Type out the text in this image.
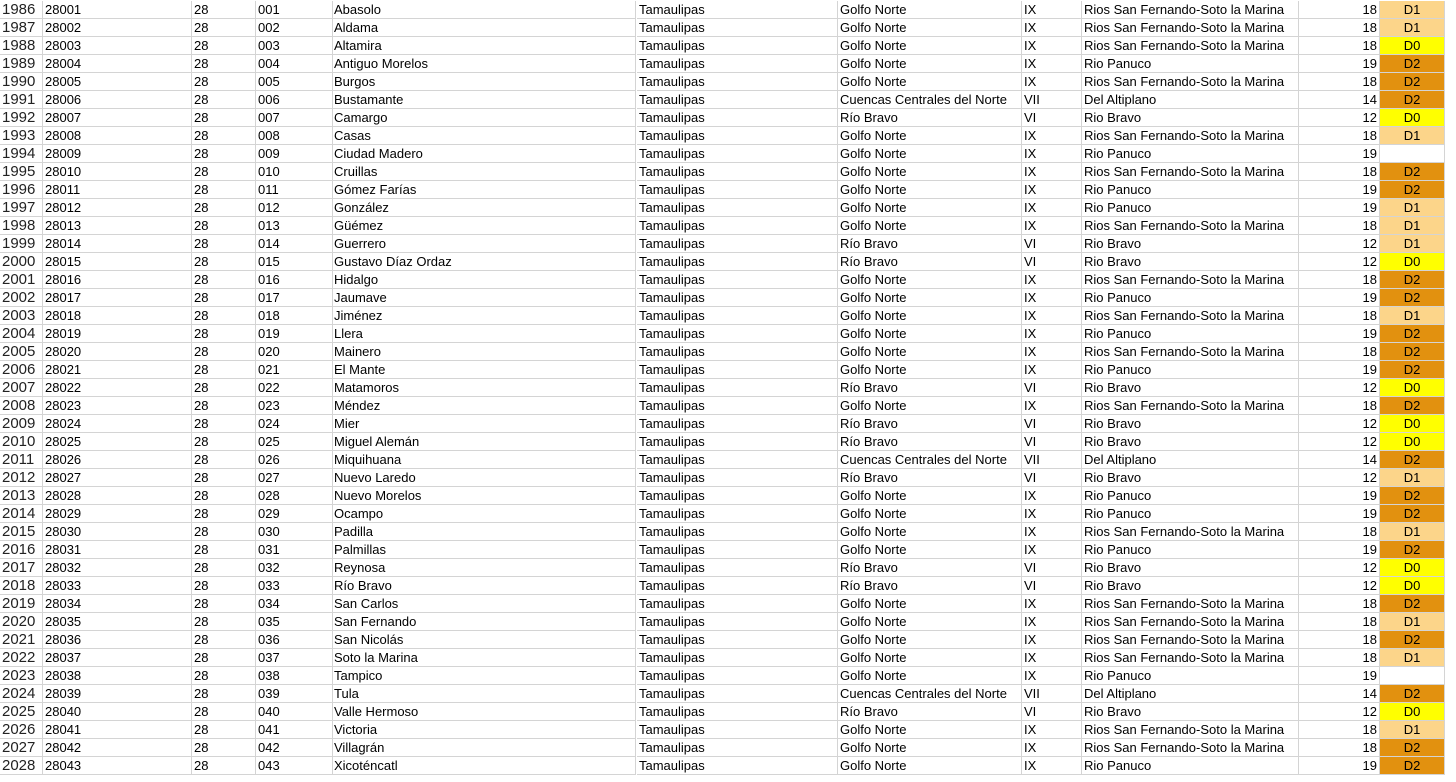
1986 28001	28	001	Abasolo	Tamaulipas	Golfo Norte	IX	Rios San Fernando-Soto la Marina	18	D1
1987 28002	28	002	Aldama	Tamaulipas	Golfo Norte	IX	Rios San Fernando-Soto la Marina	18	D1
1988 28003	28	003	Altamira	Tamaulipas	Golfo Norte	IX	Rios San Fernando-Soto la Marina	18	D0
1989 28004	28	004	Antiguo Morelos	Tamaulipas	Golfo Norte	IX	Rio Panuco	19	D2
1990 28005	28	005	Burgos	Tamaulipas	Golfo Norte	IX	Rios San Fernando-Soto la Marina	18	D2
1991 28006	28	006	Bustamante	Tamaulipas	Cuencas Centrales del Norte	VII	Del Altiplano	14	D2
1992 28007	28	007	Camargo	Tamaulipas	Río Bravo	VI	Rio Bravo	12	D0
1993 28008	28	008	Casas	Tamaulipas	Golfo Norte	IX	Rios San Fernando-Soto la Marina	18	D1
1994 28009	28	009	Ciudad Madero	Tamaulipas	Golfo Norte	IX	Rio Panuco	19
1995 28010	28	010	Cruillas	Tamaulipas	Golfo Norte	IX	Rios San Fernando-Soto la Marina	18	D2
1996 28011	28	011	Gómez Farías	Tamaulipas	Golfo Norte	IX	Rio Panuco	19	D2
1997 28012	28	012	González	Tamaulipas	Golfo Norte	IX	Rio Panuco	19	D1
1998 28013	28	013	Güémez	Tamaulipas	Golfo Norte	IX	Rios San Fernando-Soto la Marina	18	D1
1999 28014	28	014	Guerrero	Tamaulipas	Río Bravo	VI	Rio Bravo	12	D1
2000 28015	28	015	Gustavo Díaz Ordaz	Tamaulipas	Río Bravo	VI	Rio Bravo	12	D0
2001 28016	28	016	Hidalgo	Tamaulipas	Golfo Norte	IX	Rios San Fernando-Soto la Marina	18	D2
2002 28017	28	017	Jaumave	Tamaulipas	Golfo Norte	IX	Rio Panuco	19	D2
2003 28018	28	018	Jiménez	Tamaulipas	Golfo Norte	IX	Rios San Fernando-Soto la Marina	18	D1
2004 28019	28	019	Llera	Tamaulipas	Golfo Norte	IX	Rio Panuco	19	D2
2005 28020	28	020	Mainero	Tamaulipas	Golfo Norte	IX	Rios San Fernando-Soto la Marina	18	D2
2006 28021	28	021	El Mante	Tamaulipas	Golfo Norte	IX	Rio Panuco	19	D2
2007 28022	28	022	Matamoros	Tamaulipas	Río Bravo	VI	Rio Bravo	12	D0
2008 28023	28	023	Méndez	Tamaulipas	Golfo Norte	IX	Rios San Fernando-Soto la Marina	18	D2
2009 28024	28	024	Mier	Tamaulipas	Río Bravo	VI	Rio Bravo	12	D0
2010 28025	28	025	Miguel Alemán	Tamaulipas	Río Bravo	VI	Rio Bravo	12	D0
2011 28026	28	026	Miquihuana	Tamaulipas	Cuencas Centrales del Norte	VII	Del Altiplano	14	D2
2012 28027	28	027	Nuevo Laredo	Tamaulipas	Río Bravo	VI	Rio Bravo	12	D1
2013 28028	28	028	Nuevo Morelos	Tamaulipas	Golfo Norte	IX	Rio Panuco	19	D2
2014 28029	28	029	Ocampo	Tamaulipas	Golfo Norte	IX	Rio Panuco	19	D2
2015 28030	28	030	Padilla	Tamaulipas	Golfo Norte	IX	Rios San Fernando-Soto la Marina	18	D1
2016 28031	28	031	Palmillas	Tamaulipas	Golfo Norte	IX	Rio Panuco	19	D2
2017 28032	28	032	Reynosa	Tamaulipas	Río Bravo	VI	Rio Bravo	12	D0
2018 28033	28	033	Río Bravo	Tamaulipas	Río Bravo	VI	Rio Bravo	12	D0
2019 28034	28	034	San Carlos	Tamaulipas	Golfo Norte	IX	Rios San Fernando-Soto la Marina	18	D2
2020 28035	28	035	San Fernando	Tamaulipas	Golfo Norte	IX	Rios San Fernando-Soto la Marina	18	D1
2021 28036	28	036	San Nicolás	Tamaulipas	Golfo Norte	IX	Rios San Fernando-Soto la Marina	18	D2
2022 28037	28	037	Soto la Marina	Tamaulipas	Golfo Norte	IX	Rios San Fernando-Soto la Marina	18	D1
2023 28038	28	038	Tampico	Tamaulipas	Golfo Norte	IX	Rio Panuco	19
2024 28039	28	039	Tula	Tamaulipas	Cuencas Centrales del Norte	VII	Del Altiplano	14	D2
2025 28040	28	040	Valle Hermoso	Tamaulipas	Río Bravo	VI	Rio Bravo	12	D0
2026 28041	28	041	Victoria	Tamaulipas	Golfo Norte	IX	Rios San Fernando-Soto la Marina	18	D1
2027 28042	28	042	Villagrán	Tamaulipas	Golfo Norte	IX	Rios San Fernando-Soto la Marina	18	D2
2028 28043	28	043	Xicoténcatl	Tamaulipas	Golfo Norte	IX	Rio Panuco	19	D2
